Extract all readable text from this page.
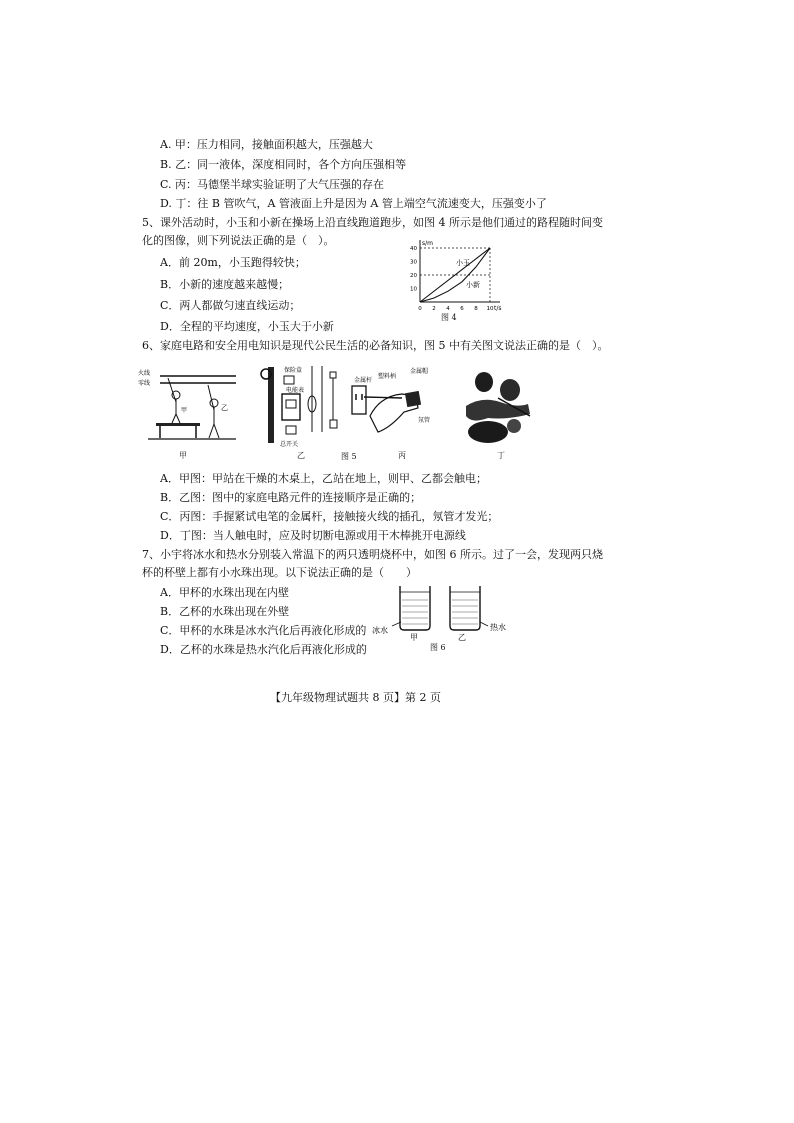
A. 甲：压力相同，接触面积越大，压强越大
B. 乙：同一液体，深度相同时，各个方向压强相等
C. 丙：马德堡半球实验证明了大气压强的存在
D. 丁：往 B 管吹气，A 管液面上升是因为 A 管上端空气流速变大，压强变小了
5、课外活动时，小玉和小新在操场上沿直线跑道跑步，如图 4 所示是他们通过的路程随时间变
化的图像，则下列说法正确的是（　）。
A．前 20m，小玉跑得较快；
B．小新的速度越来越慢；
C．两人都做匀速直线运动；
D．全程的平均速度，小玉大于小新
40
30
20
10
0 2 4 6 8 10
s/m
t/s
小玉
小新
图 4
6、家庭电路和安全用电知识是现代公民生活的必备知识，图 5 中有关图文说法正确的是（　）。
火线
零线
甲	乙
甲
保险盒
电能表
总开关
乙	图 5
塑料柄
金属杆
金属帽
氖管
丙	丁
A．甲图：甲站在干燥的木桌上，乙站在地上，则甲、乙都会触电；
B．乙图：图中的家庭电路元件的连接顺序是正确的；
C．丙图：手握紧试电笔的金属杆，接触接火线的插孔，氖管才发光；
D．丁图：当人触电时，应及时切断电源或用干木棒挑开电源线
7、小宇将冰水和热水分别装入常温下的两只透明烧杯中，如图 6 所示。过了一会，发现两只烧
杯的杯壁上都有小水珠出现。以下说法正确的是（　　）
A．甲杯的水珠出现在内壁
B．乙杯的水珠出现在外壁
C．甲杯的水珠是冰水汽化后再液化形成的
D．乙杯的水珠是热水汽化后再液化形成的
冰水
甲	乙
热水
图 6
【九年级物理试题共 8 页】第 2 页
